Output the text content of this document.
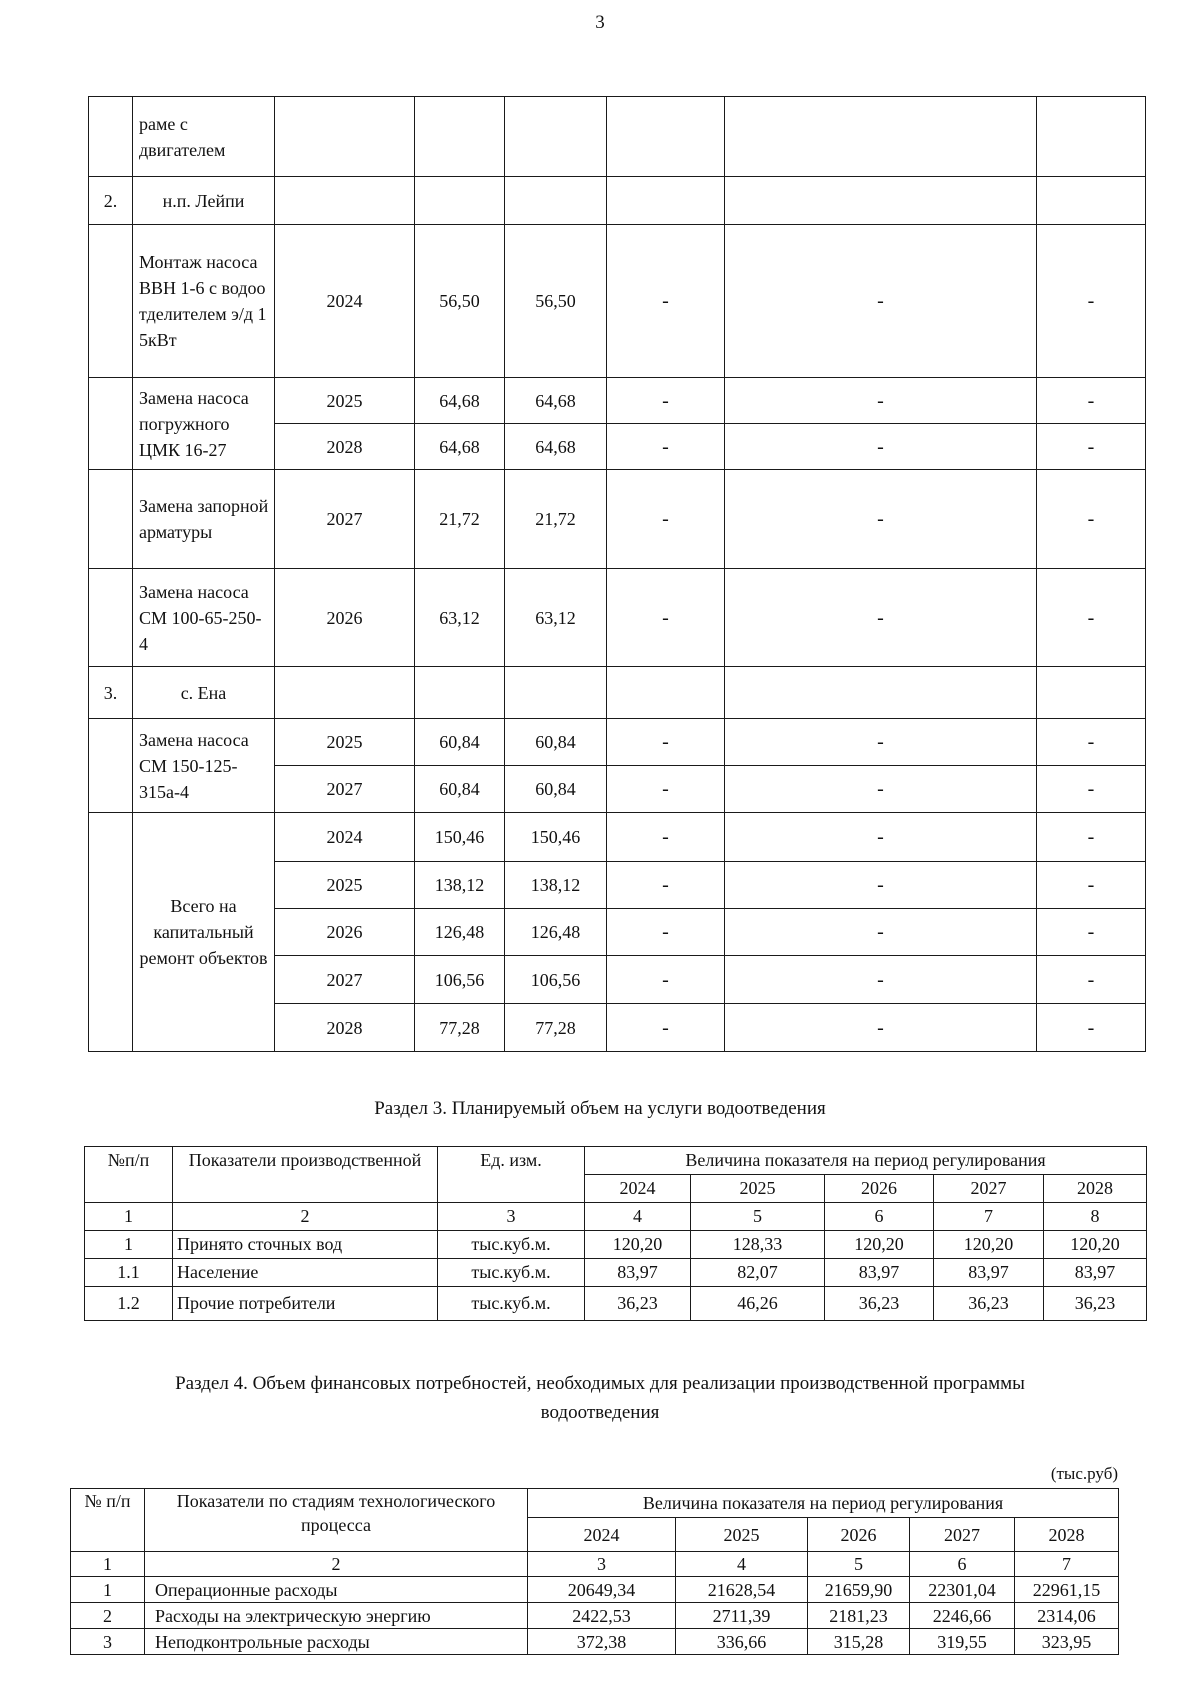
3
	раме с двигателем						
2.	н.п. Лейпи						
	Монтаж насоса ВВН 1-6 с водоотделителем э/д 15кВт	2024	56,50	56,50	-	-	-
	Замена насоса погружного ЦМК 16-27	2025	64,68	64,68	-	-	-
		2028	64,68	64,68	-	-	-
	Замена запорной арматуры	2027	21,72	21,72	-	-	-
	Замена насоса СМ 100-65-250-4	2026	63,12	63,12	-	-	-
3.	с. Ена						
	Замена насоса СМ 150-125-315а-4	2025	60,84	60,84	-	-	-
		2027	60,84	60,84	-	-	-
	Всего на капитальный ремонт объектов	2024	150,46	150,46	-	-	-
		2025	138,12	138,12	-	-	-
		2026	126,48	126,48	-	-	-
		2027	106,56	106,56	-	-	-
		2028	77,28	77,28	-	-	-
Раздел 3. Планируемый объем на услуги водоотведения
№п/п	Показатели производственной	Ед. изм.	Величина показателя на период регулирования				
			2024	2025	2026	2027	2028
1	2	3	4	5	6	7	8
1	Принято сточных вод	тыс.куб.м.	120,20	128,33	120,20	120,20	120,20
1.1	Население	тыс.куб.м.	83,97	82,07	83,97	83,97	83,97
1.2	Прочие потребители	тыс.куб.м.	36,23	46,26	36,23	36,23	36,23
Раздел 4. Объем финансовых потребностей, необходимых для реализации производственной программы
водоотведения
(тыс.руб)
№ п/п	Показатели по стадиям технологического процесса	Величина показателя на период регулирования				
		2024	2025	2026	2027	2028
1	2	3	4	5	6	7
1	Операционные расходы	20649,34	21628,54	21659,90	22301,04	22961,15
2	Расходы на электрическую энергию	2422,53	2711,39	2181,23	2246,66	2314,06
3	Неподконтрольные расходы	372,38	336,66	315,28	319,55	323,95
